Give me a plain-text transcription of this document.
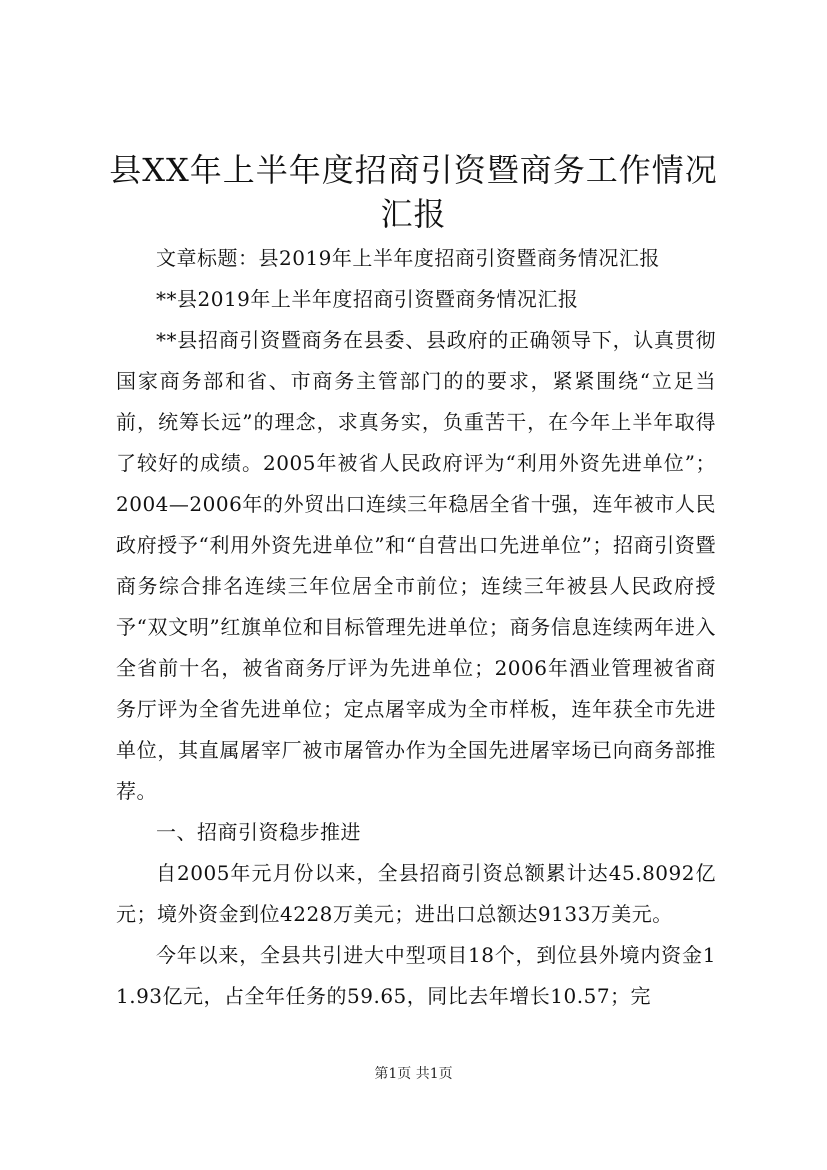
县XX年上半年度招商引资暨商务工作情况汇报

文章标题：县2019年上半年度招商引资暨商务情况汇报

**县2019年上半年度招商引资暨商务情况汇报

**县招商引资暨商务在县委、县政府的正确领导下，认真贯彻国家商务部和省、市商务主管部门的的要求，紧紧围绕“立足当前，统筹长远”的理念，求真务实，负重苦干，在今年上半年取得了较好的成绩。2005年被省人民政府评为“利用外资先进单位”；2004—2006年的外贸出口连续三年稳居全省十强，连年被市人民政府授予“利用外资先进单位”和“自营出口先进单位”；招商引资暨商务综合排名连续三年位居全市前位；连续三年被县人民政府授予“双文明”红旗单位和目标管理先进单位；商务信息连续两年进入全省前十名，被省商务厅评为先进单位；2006年酒业管理被省商务厅评为全省先进单位；定点屠宰成为全市样板，连年获全市先进单位，其直属屠宰厂被市屠管办作为全国先进屠宰场已向商务部推荐。

一、招商引资稳步推进

自2005年元月份以来，全县招商引资总额累计达45.8092亿元；境外资金到位4228万美元；进出口总额达9133万美元。

今年以来，全县共引进大中型项目18个，到位县外境内资金11.93亿元，占全年任务的59.65，同比去年增长10.57；完

第1页 共1页
